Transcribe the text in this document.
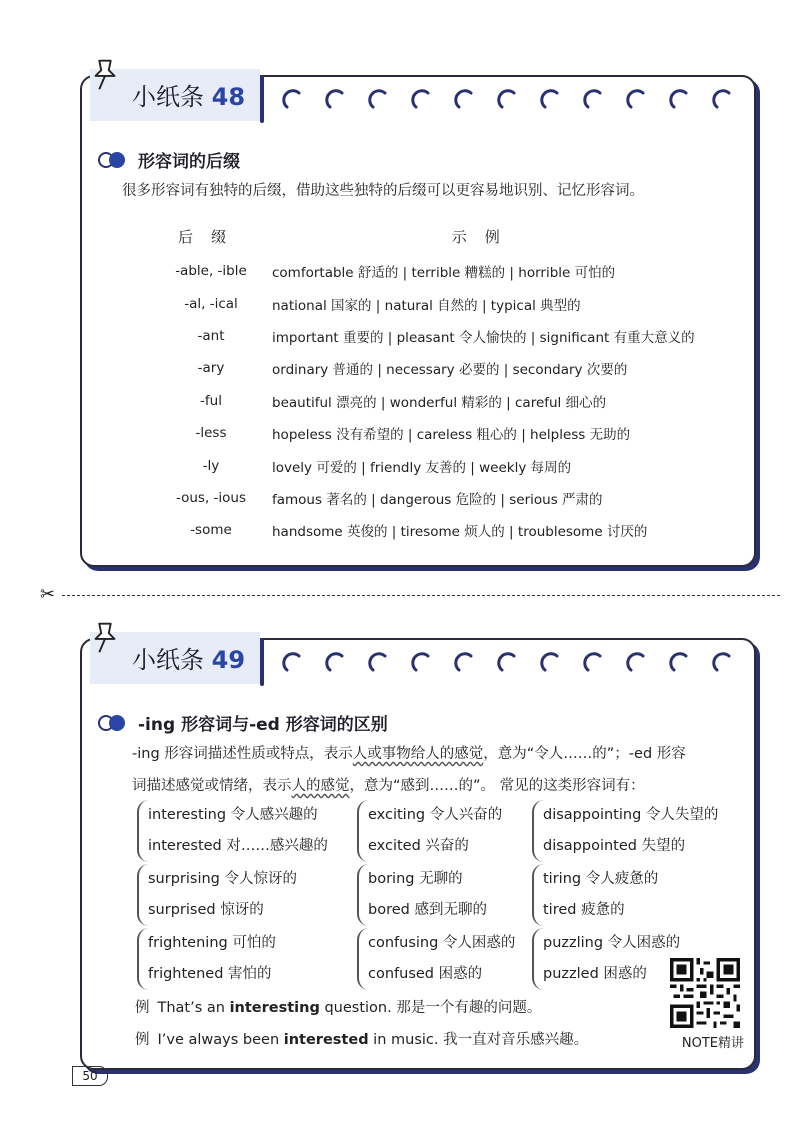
小纸条 48
形容词的后缀
很多形容词有独特的后缀，借助这些独特的后缀可以更容易地识别、记忆形容词。
后缀	示例
-able, -ible	comfortable 舒适的 | terrible 糟糕的 | horrible 可怕的
-al, -ical	national 国家的 | natural 自然的 | typical 典型的
-ant	important 重要的 | pleasant 令人愉快的 | significant 有重大意义的
-ary	ordinary 普通的 | necessary 必要的 | secondary 次要的
-ful	beautiful 漂亮的 | wonderful 精彩的 | careful 细心的
-less	hopeless 没有希望的 | careless 粗心的 | helpless 无助的
-ly	lovely 可爱的 | friendly 友善的 | weekly 每周的
-ous, -ious	famous 著名的 | dangerous 危险的 | serious 严肃的
-some	handsome 英俊的 | tiresome 烦人的 | troublesome 讨厌的
✂
小纸条 49
-ing 形容词与-ed 形容词的区别
-ing 形容词描述性质或特点，表示人或事物给人的感觉，意为“令人……的”；-ed 形容
词描述感觉或情绪，表示人的感觉，意为“感到……的”。 常见的这类形容词有：
interesting 令人感兴趣的
interested 对……感兴趣的
exciting 令人兴奋的
excited 兴奋的
disappointing 令人失望的
disappointed 失望的
surprising 令人惊讶的
surprised 惊讶的
boring 无聊的
bored 感到无聊的
tiring 令人疲惫的
tired 疲惫的
frightening 可怕的
frightened 害怕的
confusing 令人困惑的
confused 困惑的
puzzling 令人困惑的
puzzled 困惑的
例 That’s an interesting question. 那是一个有趣的问题。
例 I’ve always been interested in music. 我一直对音乐感兴趣。	NOTE精讲
50
